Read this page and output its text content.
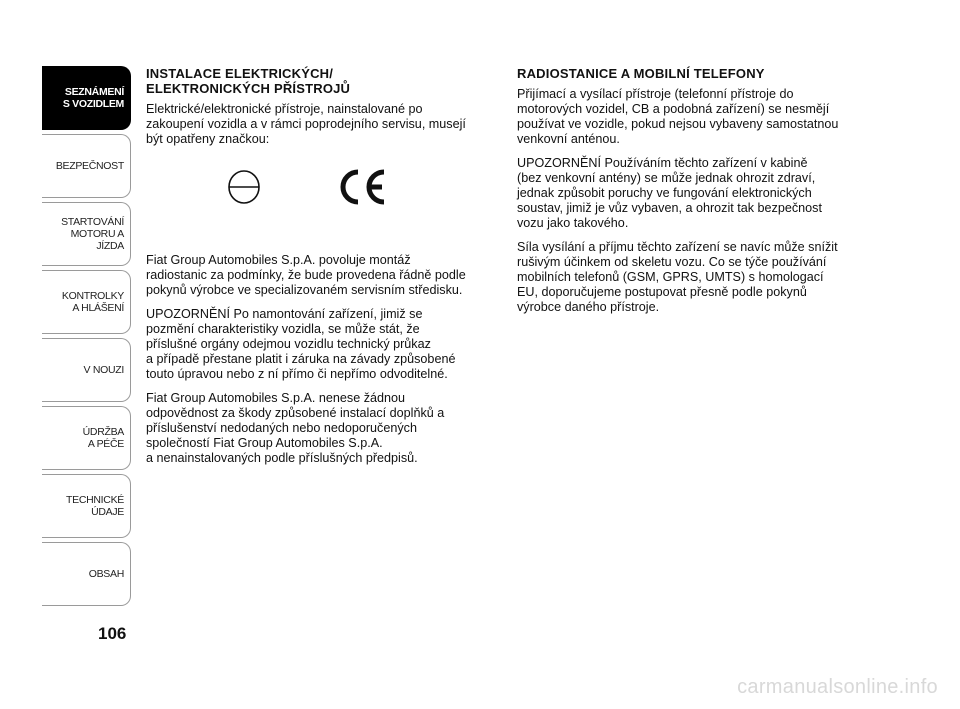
SEZNÁMENÍ
S VOZIDLEM
BEZPEČNOST
STARTOVÁNÍ
MOTORU A JÍZDA
KONTROLKY
A HLÁŠENÍ
V NOUZI
ÚDRŽBA
A PÉČE
TECHNICKÉ
ÚDAJE
OBSAH
106
INSTALACE ELEKTRICKÝCH/
ELEKTRONICKÝCH PŘÍSTROJŮ

Elektrické/elektronické přístroje, nainstalované po
zakoupení vozidla a v rámci poprodejního servisu, musejí
být opatřeny značkou:

Fiat Group Automobiles S.p.A. povoluje montáž
radiostanic za podmínky, že bude provedena řádně podle
pokynů výrobce ve specializovaném servisním středisku.

UPOZORNĚNÍ Po namontování zařízení, jimiž se
pozmění charakteristiky vozidla, se může stát, že
příslušné orgány odejmou vozidlu technický průkaz
a případě přestane platit i záruka na závady způsobené
touto úpravou nebo z ní přímo či nepřímo odvoditelné.

Fiat Group Automobiles S.p.A. nenese žádnou
odpovědnost za škody způsobené instalací doplňků a
příslušenství nedodaných nebo nedoporučených
společností Fiat Group Automobiles S.p.A.
a nenainstalovaných podle příslušných předpisů.

RADIOSTANICE A MOBILNÍ TELEFONY

Přijímací a vysílací přístroje (telefonní přístroje do
motorových vozidel, CB a podobná zařízení) se nesmějí
používat ve vozidle, pokud nejsou vybaveny samostatnou
venkovní anténou.

UPOZORNĚNÍ Používáním těchto zařízení v kabině
(bez venkovní antény) se může jednak ohrozit zdraví,
jednak způsobit poruchy ve fungování elektronických
soustav, jimiž je vůz vybaven, a ohrozit tak bezpečnost
vozu jako takového.

Síla vysílání a příjmu těchto zařízení se navíc může snížit
rušivým účinkem od skeletu vozu. Co se týče používání
mobilních telefonů (GSM, GPRS, UMTS) s homologací
EU, doporučujeme postupovat přesně podle pokynů
výrobce daného přístroje.

carmanualsonline.info
